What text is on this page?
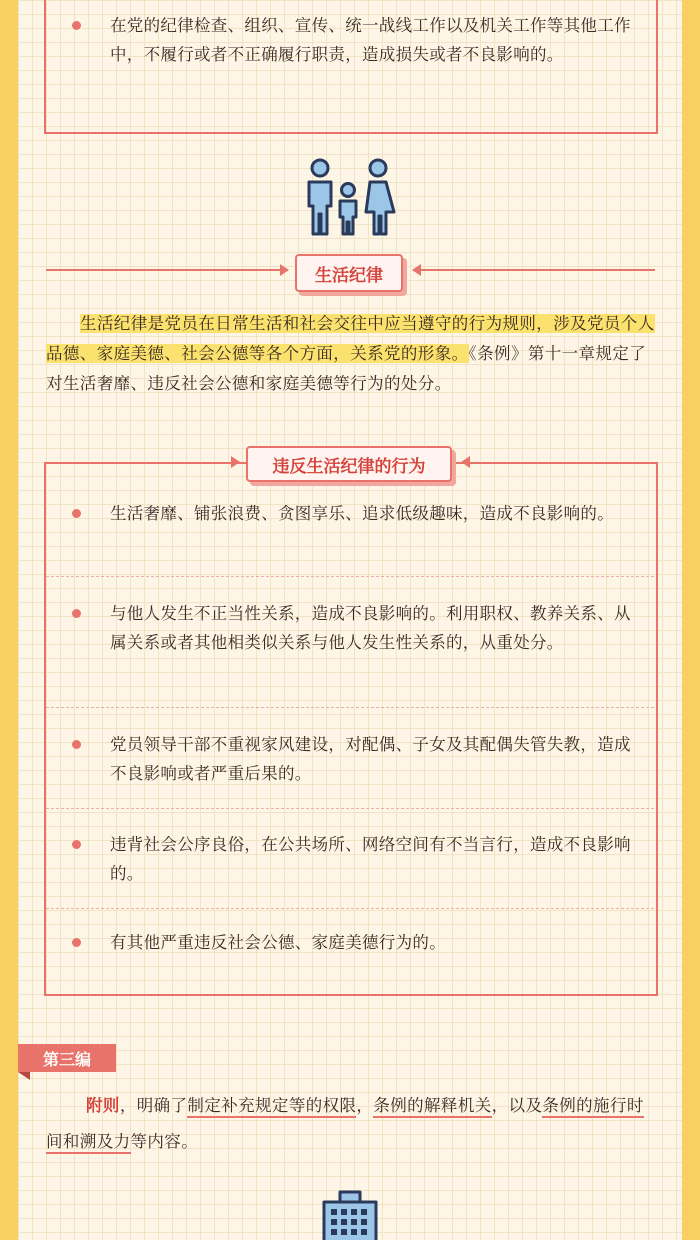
在党的纪律检查、组织、宣传、统一战线工作以及机关工作等其他工作中，不履行或者不正确履行职责，造成损失或者不良影响的。
生活纪律
生活纪律是党员在日常生活和社会交往中应当遵守的行为规则，涉及党员个人品德、家庭美德、社会公德等各个方面，关系党的形象。《条例》第十一章规定了对生活奢靡、违反社会公德和家庭美德等行为的处分。
违反生活纪律的行为
生活奢靡、铺张浪费、贪图享乐、追求低级趣味，造成不良影响的。
与他人发生不正当性关系，造成不良影响的。利用职权、教养关系、从属关系或者其他相类似关系与他人发生性关系的，从重处分。
党员领导干部不重视家风建设，对配偶、子女及其配偶失管失教，造成不良影响或者严重后果的。
违背社会公序良俗，在公共场所、网络空间有不当言行，造成不良影响的。
有其他严重违反社会公德、家庭美德行为的。
第三编
附则，明确了制定补充规定等的权限，条例的解释机关，以及条例的施行时间和溯及力等内容。
